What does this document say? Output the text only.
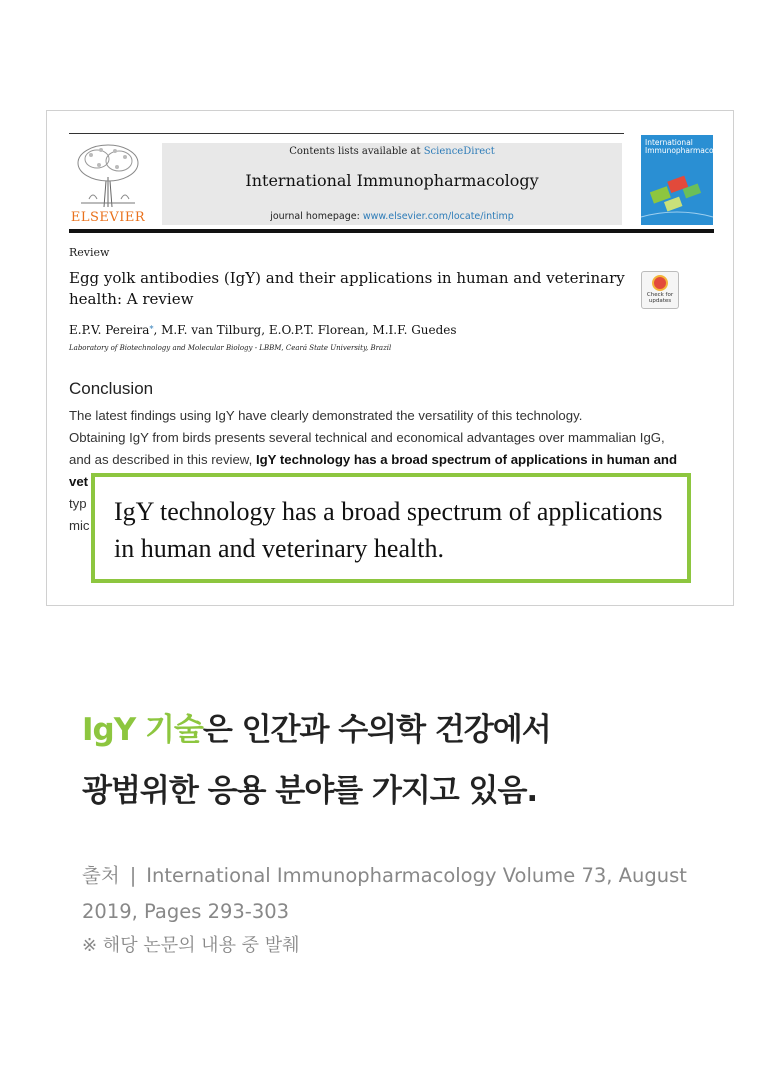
ELSEVIER
Contents lists available at ScienceDirect
International Immunopharmacology
journal homepage: www.elsevier.com/locate/intimp
International Immunopharmacology
Review
Egg yolk antibodies (IgY) and their applications in human and veterinary health: A review	Check for updates
E.P.V. Pereira⁎, M.F. van Tilburg, E.O.P.T. Florean, M.I.F. Guedes
Laboratory of Biotechnology and Molecular Biology - LBBM, Ceará State University, Brazil
Conclusion
The latest findings using IgY have clearly demonstrated the versatility of this technology.
Obtaining IgY from birds presents several technical and economical advantages over mammalian IgG,
and as described in this review, IgY technology has a broad spectrum of applications in human and
vet
typ
mic IgY technology has a broad spectrum of applications in human and veterinary health.
IgY 기술은 인간과 수의학 건강에서
광범위한 응용 분야를 가지고 있음.
출처 | International Immunopharmacology Volume 73, August 2019, Pages 293-303
※ 해당 논문의 내용 중 발췌
